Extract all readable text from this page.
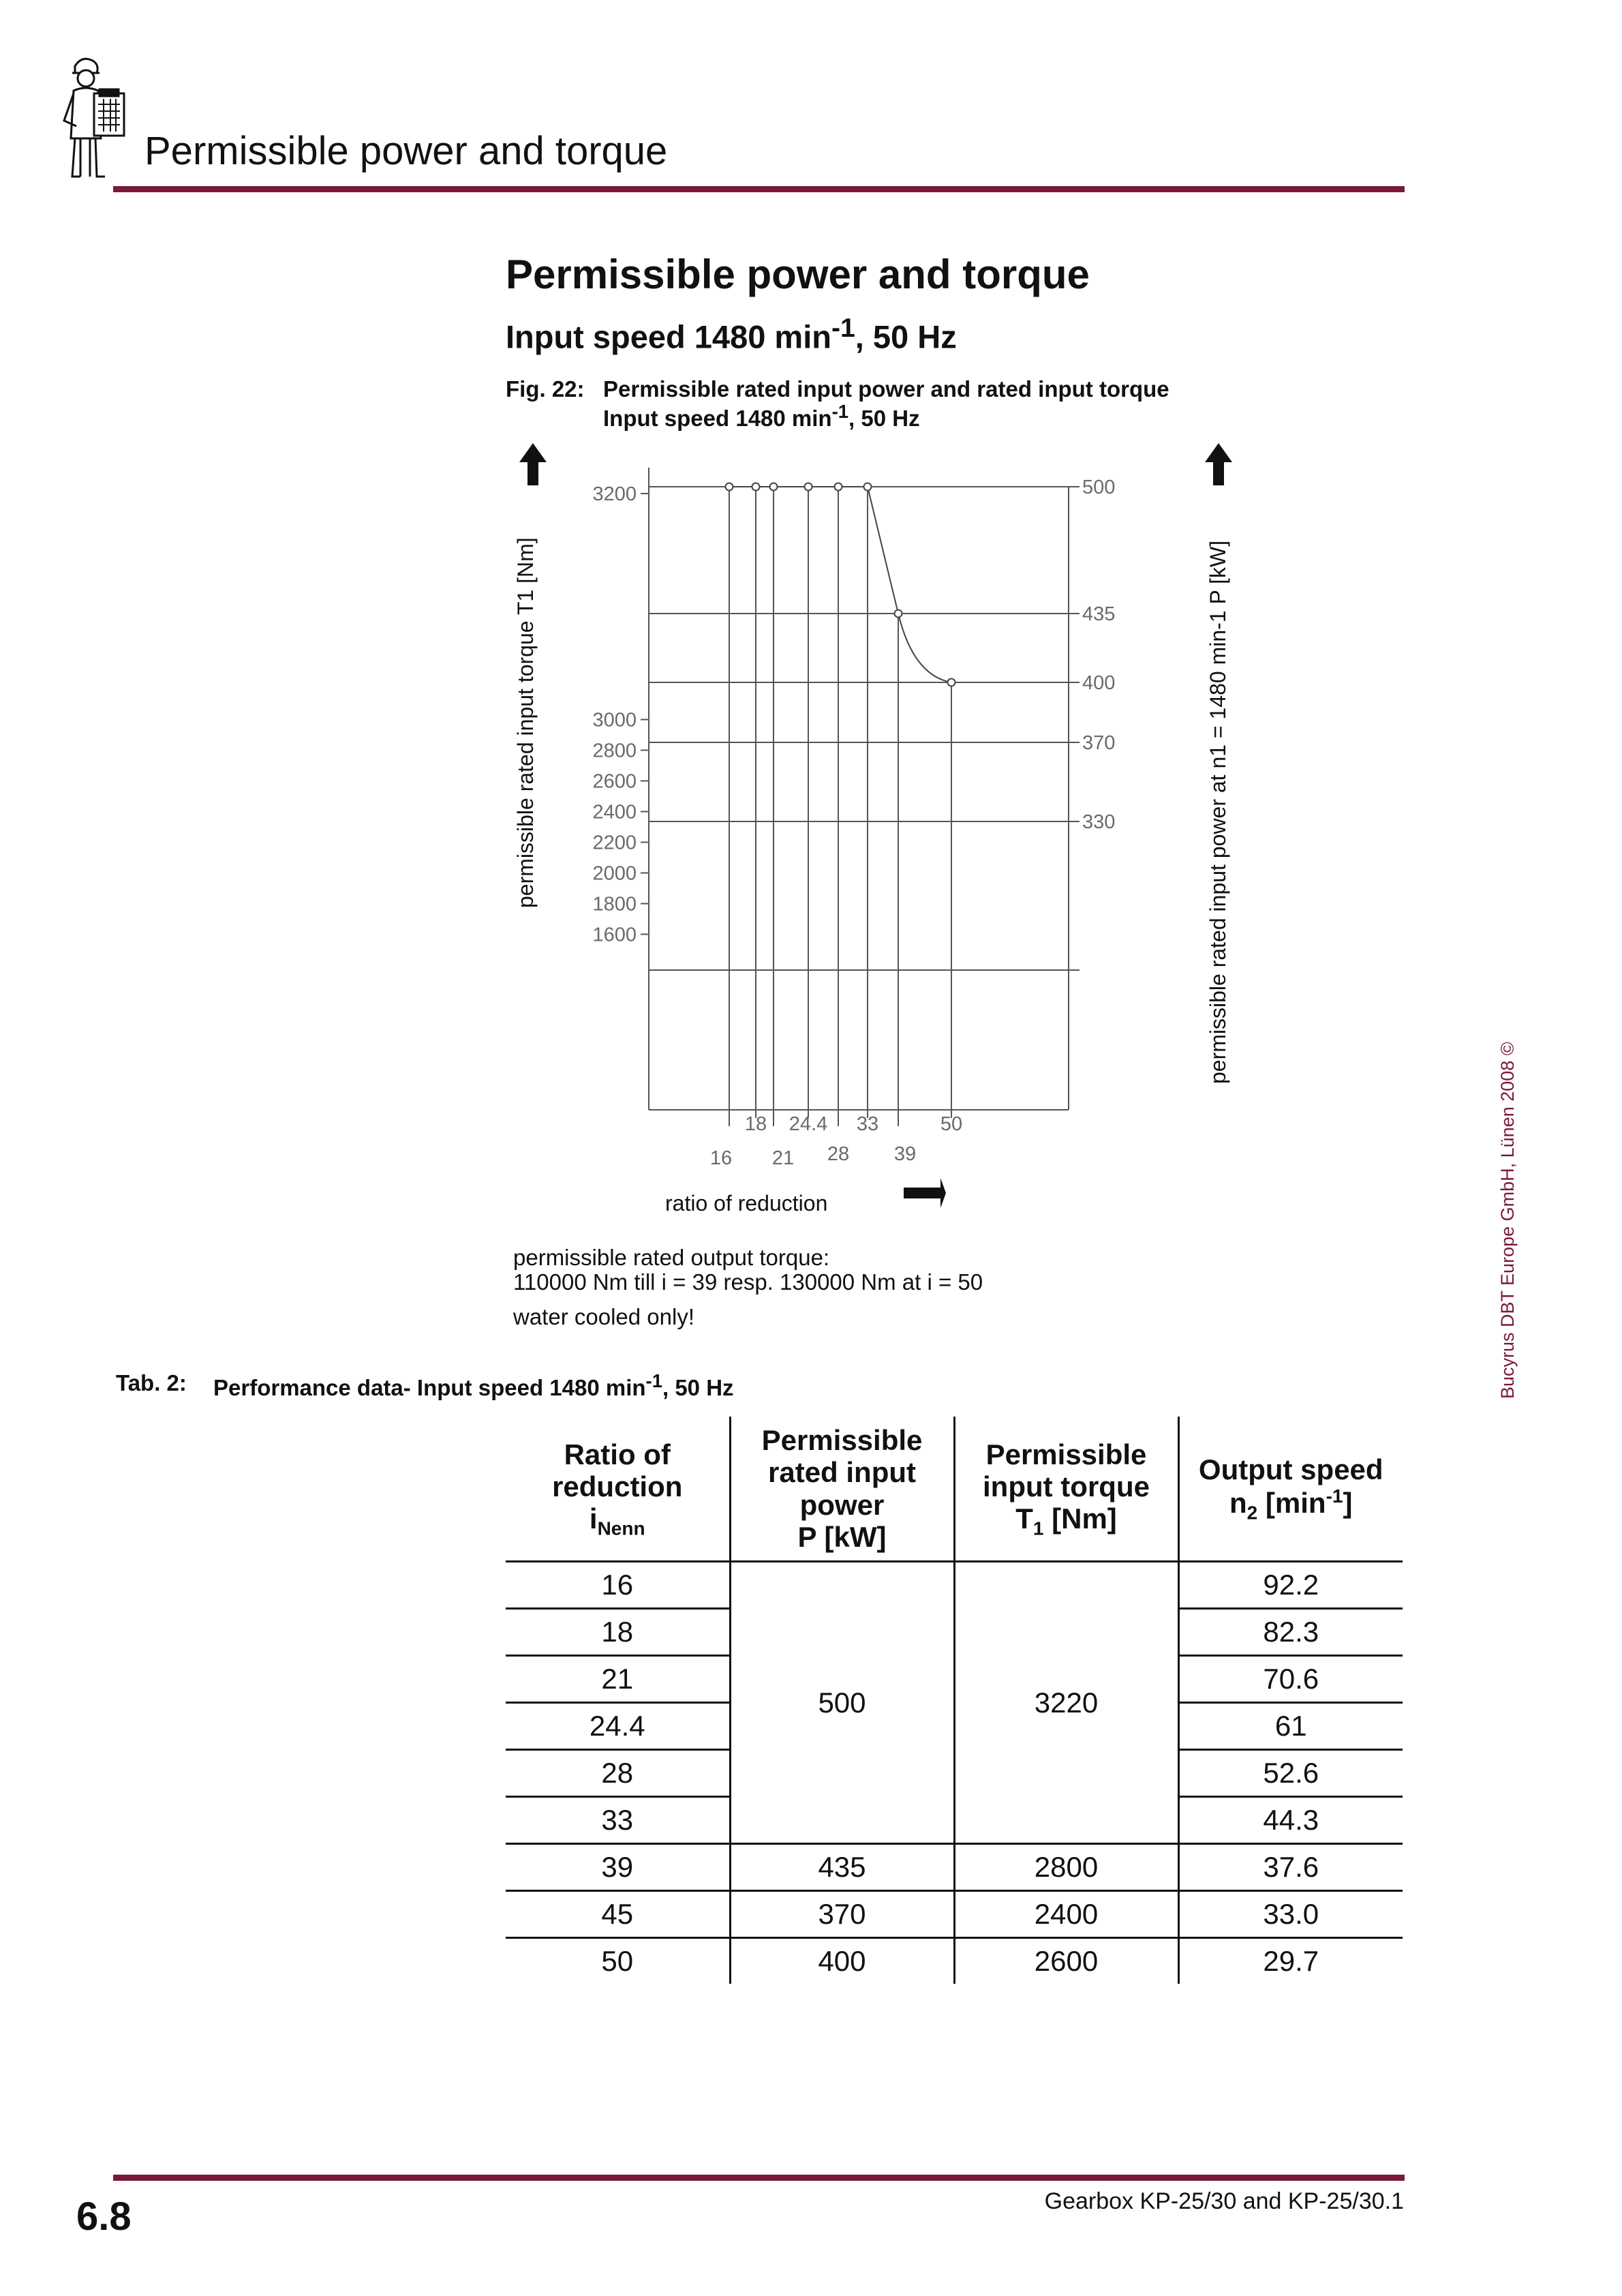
Permissible power and torque
Permissible power and torque
Input speed 1480 $\min^{-1}$, 50 Hz
Fig. 22: Permissible rated input power and rated input torque
Input speed 1480 $\min^{-1}$, 50 Hz
3200
3000
2800
2600
2400
2200
2000
1800
1600
500
435
400
370
330
16
18
21
24.4
28
33
39
50
permissible rated input torque T1 [Nm]	permissible rated input power at n1 = 1480 min-1 P [kW]
ratio of reduction
permissible rated output torque:
110000 Nm till i = 39 resp. 130000 Nm at i = 50
water cooled only!
Tab. 2: Performance data- Input speed 1480 $\min^{-1}$, 50 Hz
Ratio of
reduction
$i_{Nenn}$	Permissible
rated input
power
P [kW]	Permissible
input torque
$T_1$ [Nm]	Output speed
$n_2$ $[\min^{-1}]$
16	500	3220	92.2
18			82.3
21			70.6
24.4			61
28			52.6
33			44.3
39	435	2800	37.6
45	370	2400	33.0
50	400	2600	29.7
Bucyrus DBT Europe GmbH, Lünen 2008 ©
6.8	Gearbox KP-25/30 and KP-25/30.1
